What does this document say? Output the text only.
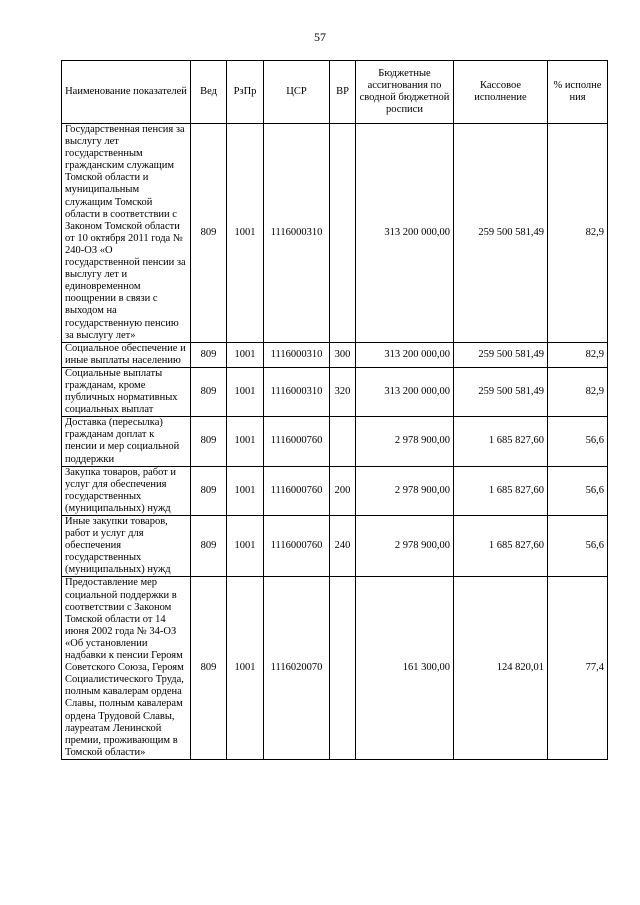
57
Наименование показателей	Вед	РзПр	ЦСР	ВР	Бюджетные ассигнования по сводной бюджетной росписи	Кассовое исполнение	% исполне ния
Государственная пенсия за выслугу лет государственным гражданским служащим Томской области и муниципальным служащим Томской области в соответствии с Законом Томской области от 10 октября 2011 года № 240-ОЗ «О государственной пенсии за выслугу лет и единовременном поощрении в связи с выходом на государственную пенсию за выслугу лет»	809	1001	1116000310		313 200 000,00	259 500 581,49	82,9
Социальное обеспечение и иные выплаты населению	809	1001	1116000310	300	313 200 000,00	259 500 581,49	82,9
Социальные выплаты гражданам, кроме публичных нормативных социальных выплат	809	1001	1116000310	320	313 200 000,00	259 500 581,49	82,9
Доставка (пересылка) гражданам доплат к пенсии и мер социальной поддержки	809	1001	1116000760		2 978 900,00	1 685 827,60	56,6
Закупка товаров, работ и услуг для обеспечения государственных (муниципальных) нужд	809	1001	1116000760	200	2 978 900,00	1 685 827,60	56,6
Иные закупки товаров, работ и услуг для обеспечения государственных (муниципальных) нужд	809	1001	1116000760	240	2 978 900,00	1 685 827,60	56,6
Предоставление мер социальной поддержки в соответствии с Законом Томской области от 14 июня 2002 года № 34-ОЗ «Об установлении надбавки к пенсии Героям Советского Союза, Героям Социалистического Труда, полным кавалерам ордена Славы, полным кавалерам ордена Трудовой Славы, лауреатам Ленинской премии, проживающим в Томской области»	809	1001	1116020070		161 300,00	124 820,01	77,4
